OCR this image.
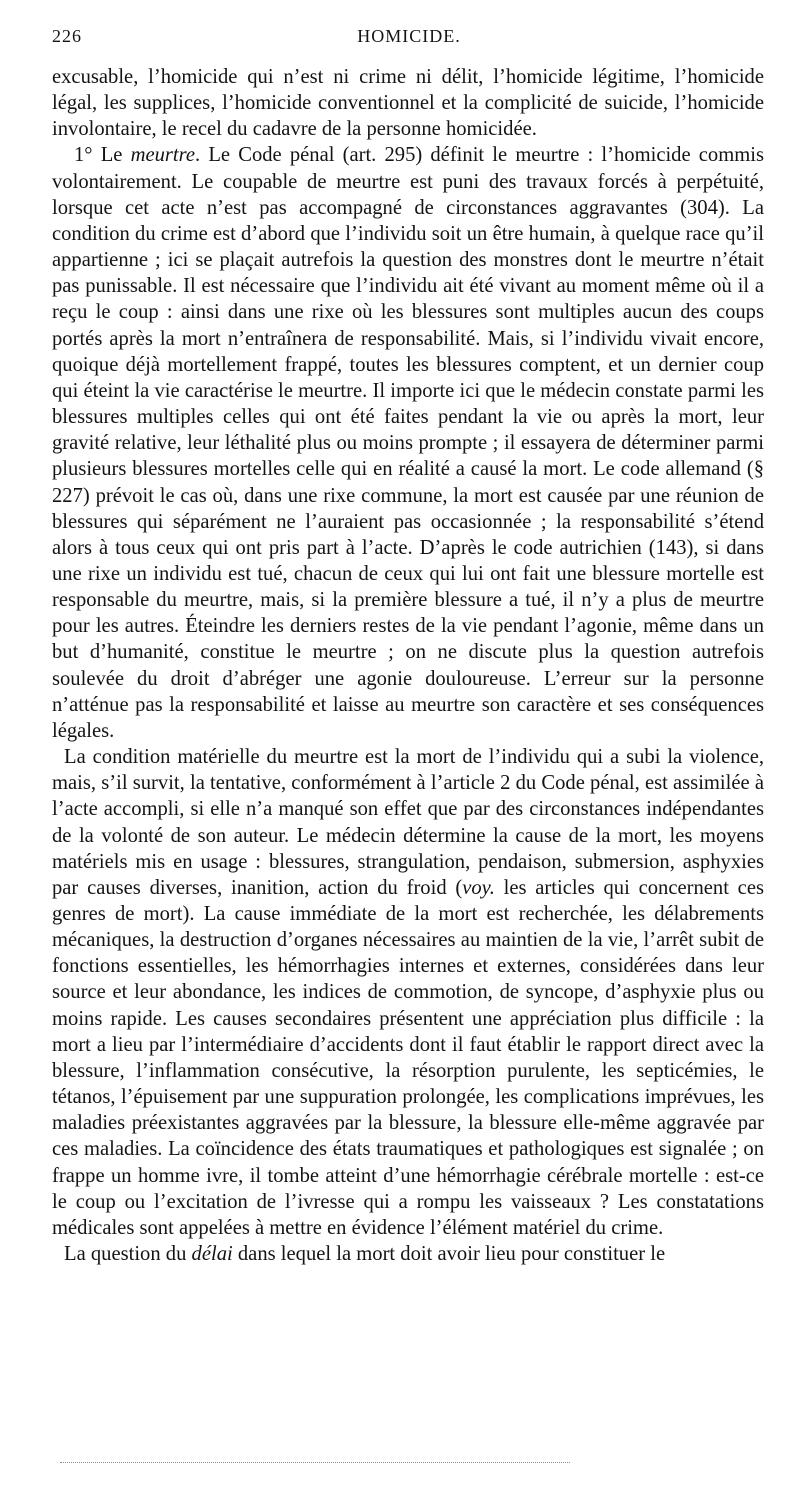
226	HOMICIDE.

excusable, l’homicide qui n’est ni crime ni délit, l’homicide légitime, l’homicide légal, les supplices, l’homicide conventionnel et la complicité de suicide, l’homicide involontaire, le recel du cadavre de la personne homicidée.

1° Le meurtre. Le Code pénal (art. 295) définit le meurtre : l’homicide commis volontairement. Le coupable de meurtre est puni des travaux forcés à perpétuité, lorsque cet acte n’est pas accompagné de circonstances aggravantes (304). La condition du crime est d’abord que l’individu soit un être humain, à quelque race qu’il appartienne ; ici se plaçait autrefois la question des monstres dont le meurtre n’était pas punissable. Il est nécessaire que l’individu ait été vivant au moment même où il a reçu le coup : ainsi dans une rixe où les blessures sont multiples aucun des coups portés après la mort n’entraînera de responsabilité. Mais, si l’individu vivait encore, quoique déjà mortellement frappé, toutes les blessures comptent, et un dernier coup qui éteint la vie caractérise le meurtre. Il importe ici que le médecin constate parmi les blessures multiples celles qui ont été faites pendant la vie ou après la mort, leur gravité relative, leur léthalité plus ou moins prompte ; il essayera de déterminer parmi plusieurs blessures mortelles celle qui en réalité a causé la mort. Le code allemand (§ 227) prévoit le cas où, dans une rixe commune, la mort est causée par une réunion de blessures qui séparément ne l’auraient pas occasionnée ; la responsabilité s’étend alors à tous ceux qui ont pris part à l’acte. D’après le code autrichien (143), si dans une rixe un individu est tué, chacun de ceux qui lui ont fait une blessure mortelle est responsable du meurtre, mais, si la première blessure a tué, il n’y a plus de meurtre pour les autres. Éteindre les derniers restes de la vie pendant l’agonie, même dans un but d’humanité, constitue le meurtre ; on ne discute plus la question autrefois soulevée du droit d’abréger une agonie douloureuse. L’erreur sur la personne n’atténue pas la responsabilité et laisse au meurtre son caractère et ses conséquences légales.

La condition matérielle du meurtre est la mort de l’individu qui a subi la violence, mais, s’il survit, la tentative, conformément à l’article 2 du Code pénal, est assimilée à l’acte accompli, si elle n’a manqué son effet que par des circonstances indépendantes de la volonté de son auteur. Le médecin détermine la cause de la mort, les moyens matériels mis en usage : blessures, strangulation, pendaison, submersion, asphyxies par causes diverses, inanition, action du froid (voy. les articles qui concernent ces genres de mort). La cause immédiate de la mort est recherchée, les délabrements mécaniques, la destruction d’organes nécessaires au maintien de la vie, l’arrêt subit de fonctions essentielles, les hémorrhagies internes et externes, considérées dans leur source et leur abondance, les indices de commotion, de syncope, d’asphyxie plus ou moins rapide. Les causes secondaires présentent une appréciation plus difficile : la mort a lieu par l’intermédiaire d’accidents dont il faut établir le rapport direct avec la blessure, l’inflammation consécutive, la résorption purulente, les septicémies, le tétanos, l’épuisement par une suppuration prolongée, les complications imprévues, les maladies préexistantes aggravées par la blessure, la blessure elle-même aggravée par ces maladies. La coïncidence des états traumatiques et pathologiques est signalée ; on frappe un homme ivre, il tombe atteint d’une hémorrhagie cérébrale mortelle : est-ce le coup ou l’excitation de l’ivresse qui a rompu les vaisseaux ? Les constatations médicales sont appelées à mettre en évidence l’élément matériel du crime.

La question du délai dans lequel la mort doit avoir lieu pour constituer le
